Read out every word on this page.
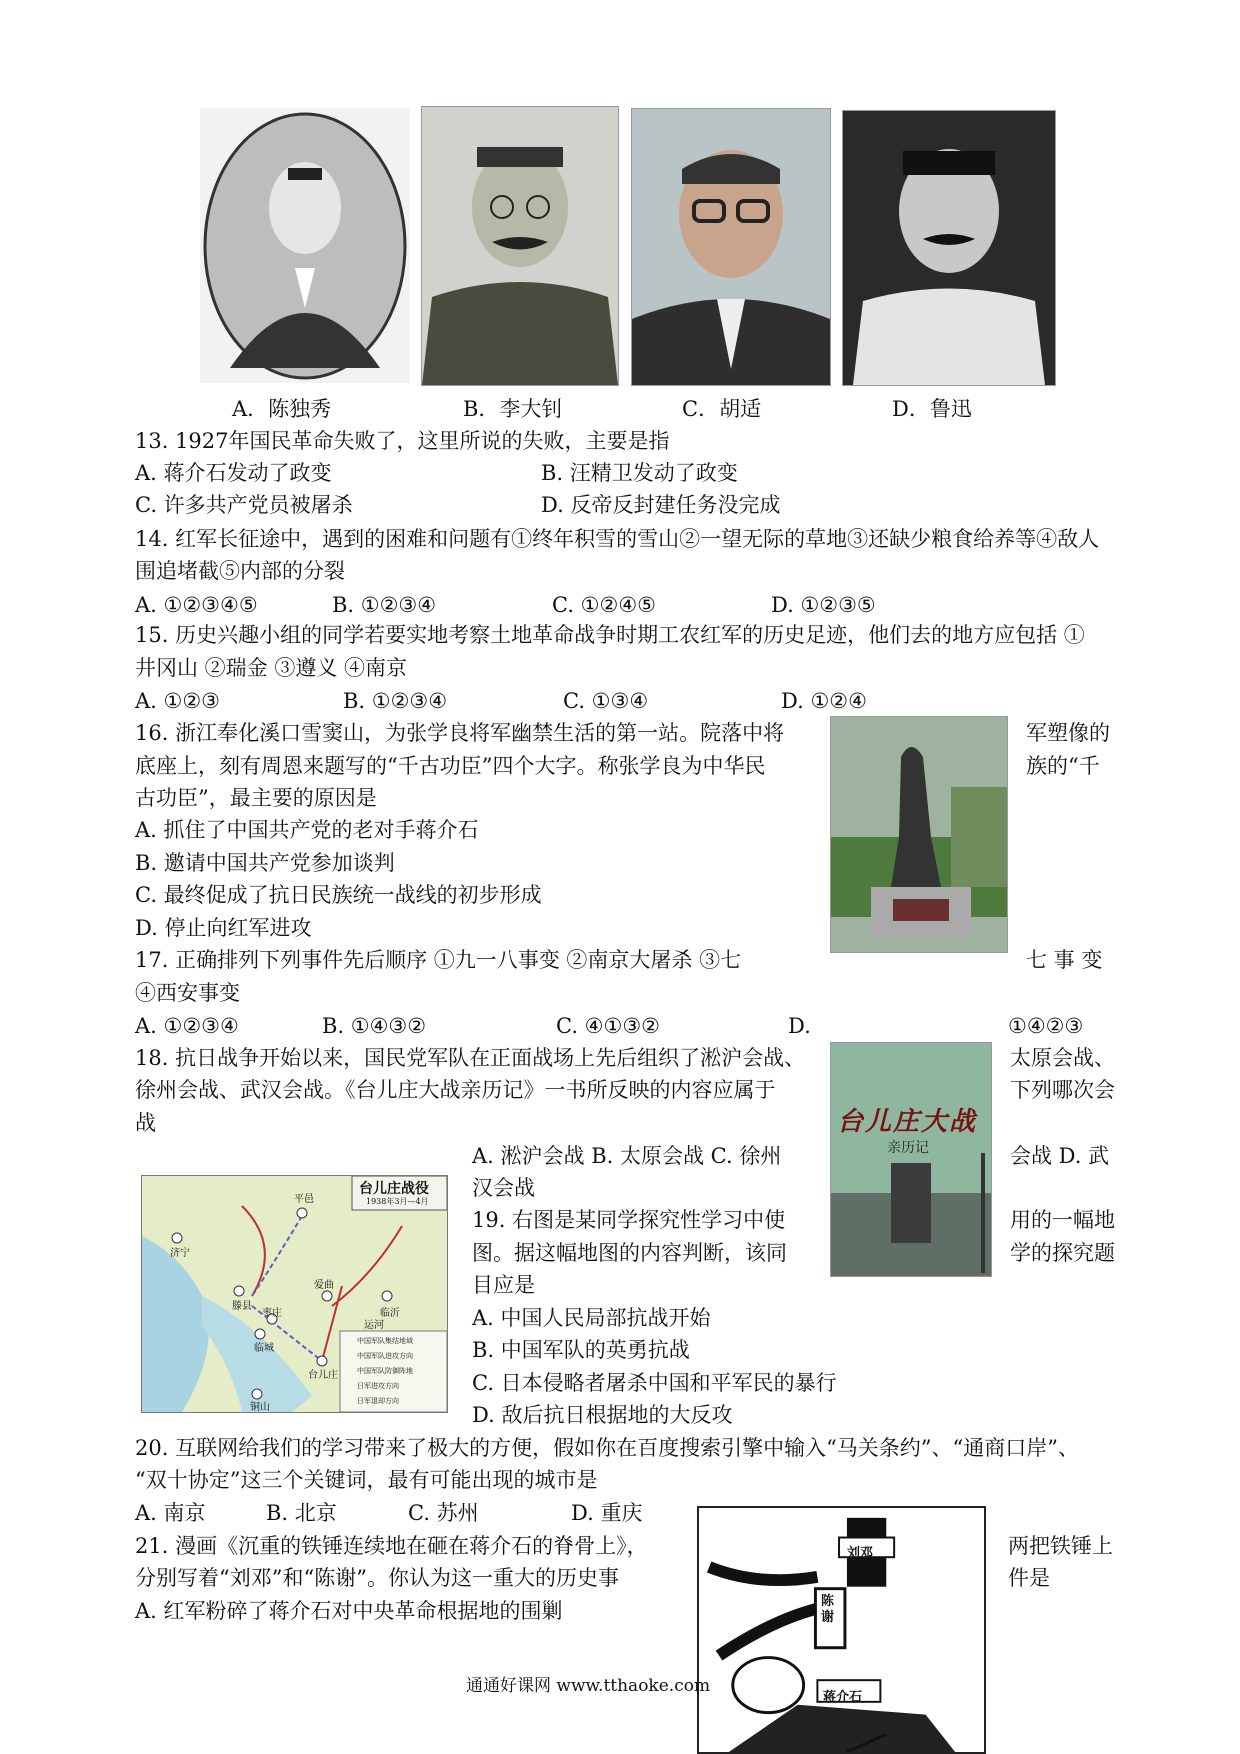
A．陈独秀	B．李大钊	C．胡适	D．鲁迅
13. 1927年国民革命失败了，这里所说的失败，主要是指
A. 蒋介石发动了政变	B. 汪精卫发动了政变
C. 许多共产党员被屠杀	D. 反帝反封建任务没完成
14. 红军长征途中，遇到的困难和问题有①终年积雪的雪山②一望无际的草地③还缺少粮食给养等④敌人
围追堵截⑤内部的分裂
A. ①②③④⑤	B. ①②③④	C. ①②④⑤	D. ①②③⑤
15. 历史兴趣小组的同学若要实地考察土地革命战争时期工农红军的历史足迹，他们去的地方应包括 ①
井冈山 ②瑞金 ③遵义 ④南京
A. ①②③	B. ①②③④	C. ①③④	D. ①②④
16. 浙江奉化溪口雪窦山，为张学良将军幽禁生活的第一站。院落中将	军塑像的
底座上，刻有周恩来题写的“千古功臣”四个大字。称张学良为中华民	族的“千
古功臣”，最主要的原因是
A. 抓住了中国共产党的老对手蒋介石
B. 邀请中国共产党参加谈判
C. 最终促成了抗日民族统一战线的初步形成
D. 停止向红军进攻
17. 正确排列下列事件先后顺序 ①九一八事变 ②南京大屠杀 ③七	七 事 变
④西安事变
A. ①②③④	B. ①④③②	C. ④①③②	D.	①④②③
台儿庄大战
亲历记
18. 抗日战争开始以来，国民党军队在正面战场上先后组织了淞沪会战、	太原会战、
徐州会战、武汉会战。《台儿庄大战亲历记》一书所反映的内容应属于	下列哪次会
战
A. 淞沪会战 B. 太原会战 C. 徐州	会战 D. 武
汉会战
台儿庄战役
1938年3月—4月
平邑
济宁
滕县
枣庄
爱曲
临沂
临城
台儿庄
运河
铜山
中国军队集结地域
中国军队进攻方向
中国军队防御阵地
日军进攻方向
日军退却方向
19. 右图是某同学探究性学习中使	用的一幅地
图。据这幅地图的内容判断，该同	学的探究题
目应是
A. 中国人民局部抗战开始
B. 中国军队的英勇抗战
C. 日本侵略者屠杀中国和平军民的暴行
D. 敌后抗日根据地的大反攻
20. 互联网给我们的学习带来了极大的方便，假如你在百度搜索引擎中输入“马关条约”、“通商口岸”、
“双十协定”这三个关键词，最有可能出现的城市是
A. 南京	B. 北京	C. 苏州	D. 重庆
刘邓
陈谢
蒋介石
21. 漫画《沉重的铁锤连续地在砸在蒋介石的脊骨上》，	两把铁锤上
分别写着“刘邓”和“陈谢”。你认为这一重大的历史事	件是
A. 红军粉碎了蒋介石对中央革命根据地的围剿
通通好课网 www.tthaoke.com
